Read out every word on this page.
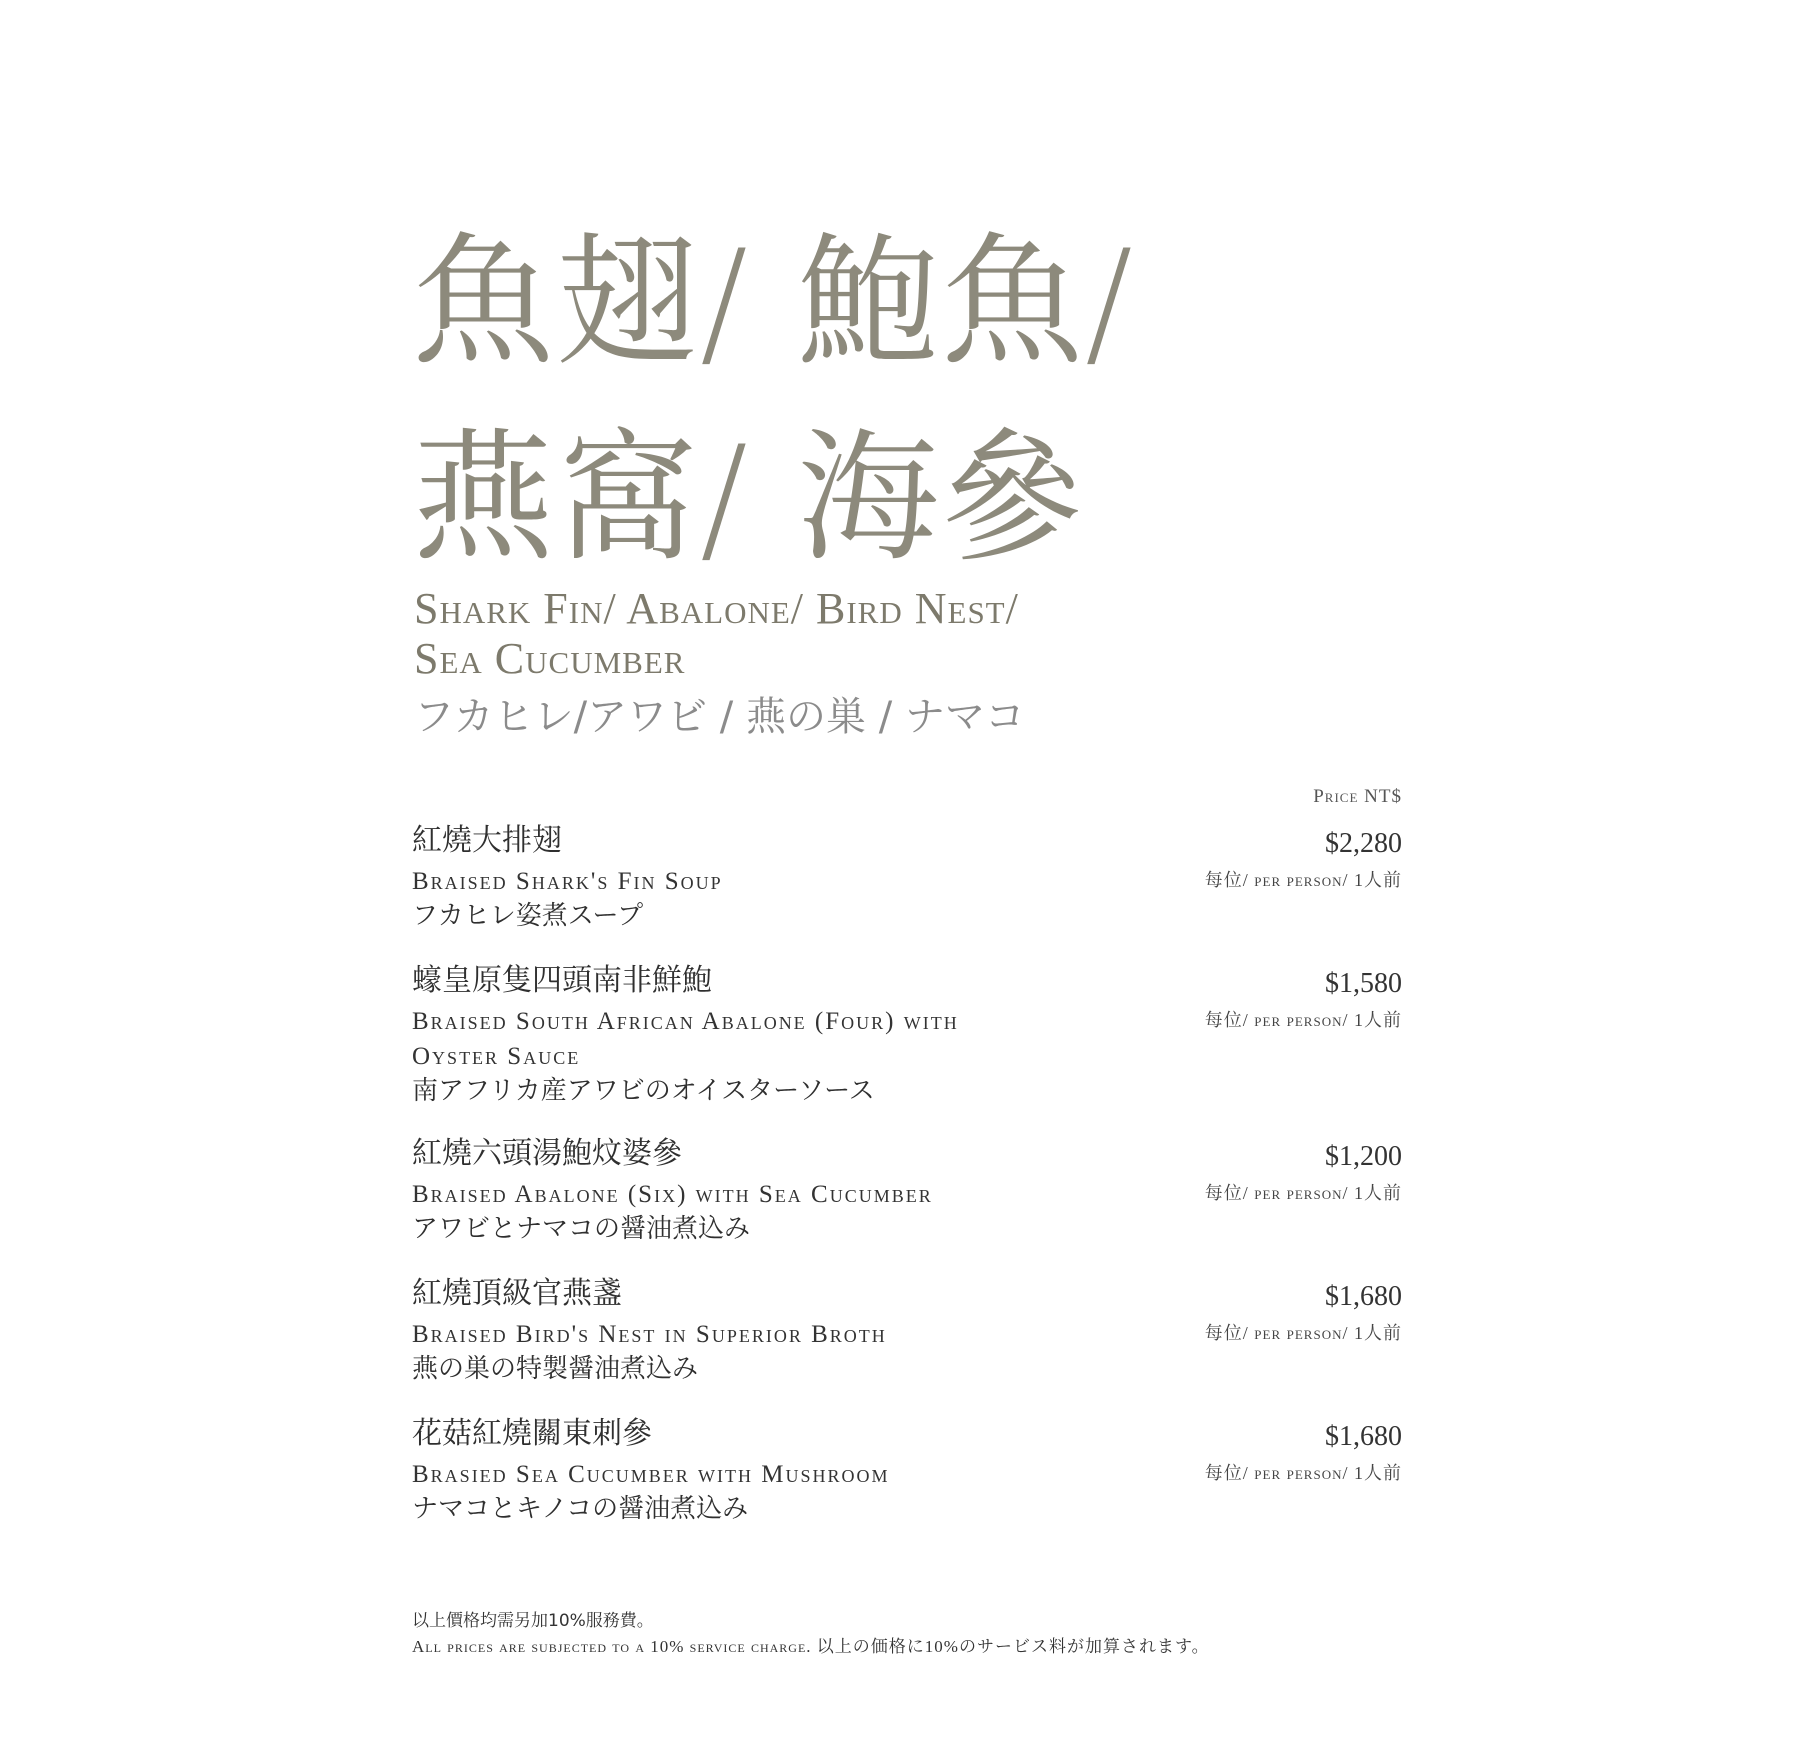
魚翅/ 鮑魚/
燕窩/ 海參
Shark Fin/ Abalone/ Bird Nest/
Sea Cucumber
フカヒレ/アワビ / 燕の巣 / ナマコ
Price NT$
紅燒大排翅
Braised Shark's Fin Soup
フカヒレ姿煮スープ
$2,280
每位/ per person/ 1人前
蠔皇原隻四頭南非鮮鮑
Braised South African Abalone (Four) with Oyster Sauce
南アフリカ産アワビのオイスターソース
$1,580
每位/ per person/ 1人前
紅燒六頭湯鮑炆婆參
Braised Abalone (Six) with Sea Cucumber
アワビとナマコの醤油煮込み
$1,200
每位/ per person/ 1人前
紅燒頂級官燕盞
Braised Bird's Nest in Superior Broth
燕の巣の特製醤油煮込み
$1,680
每位/ per person/ 1人前
花菇紅燒關東刺參
Brasied Sea Cucumber with Mushroom
ナマコとキノコの醤油煮込み
$1,680
每位/ per person/ 1人前
以上價格均需另加10%服務費。
All prices are subjected to a 10% service charge. 以上の価格に10%のサービス料が加算されます。
